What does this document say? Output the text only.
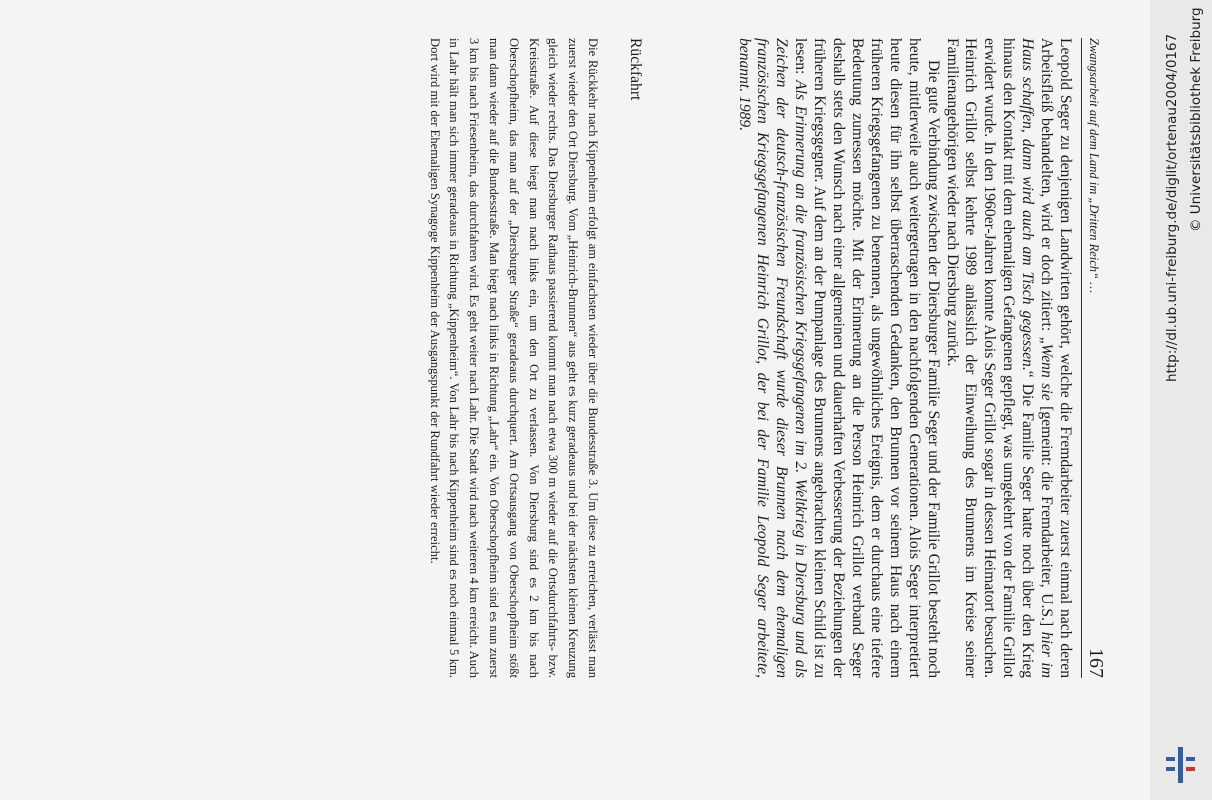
Zwangsarbeit auf dem Land im „Dritten Reich“ …
167

Leopold Seger zu denjenigen Landwirten gehört, welche die Fremdarbeiter zuerst einmal nach deren Arbeitsfleiß behandelten, wird er doch zitiert: „Wenn sie [gemeint: die Fremdarbeiter, U.S.] hier im Haus schaffen, dann wird auch am Tisch gegessen.“ Die Familie Seger hatte noch über den Krieg hinaus den Kontakt mit dem ehemaligen Gefangenen gepflegt, was umgekehrt von der Familie Grillot erwidert wurde. In den 1960er-Jahren konnte Alois Seger Grillot sogar in dessen Heimatort besuchen. Heinrich Grillot selbst kehrte 1989 anlässlich der Einweihung des Brunnens im Kreise seiner Familienangehörigen wieder nach Diersburg zurück.

Die gute Verbindung zwischen der Diersburger Familie Seger und der Familie Grillot besteht noch heute, mittlerweile auch weitergetragen in den nachfolgenden Generationen. Alois Seger interpretiert heute diesen für ihn selbst überraschenden Gedanken, den Brunnen vor seinem Haus nach einem früheren Kriegsgefangenen zu benennen, als ungewöhnliches Ereignis, dem er durchaus eine tiefere Bedeutung zumessen möchte. Mit der Erinnerung an die Person Heinrich Grillot verband Seger deshalb stets den Wunsch nach einer allgemeinen und dauerhaften Verbesserung der Beziehungen der früheren Kriegsgegner. Auf dem an der Pumpanlage des Brunnens angebrachten kleinen Schild ist zu lesen: Als Erinnerung an die französischen Kriegsgefangenen im 2. Weltkrieg in Diersburg und als Zeichen der deutsch-französischen Freundschaft wurde dieser Brunnen nach dem ehemaligen französischen Kriegsgefangenen Heinrich Grillot, der bei der Familie Leopold Seger arbeitete, benannt. 1989.

Rückfahrt

Die Rückkehr nach Kippenheim erfolgt am einfachsten wieder über die Bundesstraße 3. Um diese zu erreichen, verlässt man zuerst wieder den Ort Diersburg. Vom „Heinrich-Brunnen“ aus geht es kurz geradeaus und bei der nächsten kleinen Kreuzung gleich wieder rechts. Das Diersburger Rathaus passierend kommt man nach etwa 300 m wieder auf die Ortsdurchfahrts- bzw. Kreisstraße. Auf diese biegt man nach links ein, um den Ort zu verlassen. Von Diersburg sind es 2 km bis nach Oberschopfheim, das man auf der „Diersburger Straße“ geradeaus durchquert. Am Ortsausgang von Oberschopfheim stößt man dann wieder auf die Bundesstraße. Man biegt nach links in Richtung „Lahr“ ein. Von Oberschopfheim sind es nun zuerst 3 km bis nach Friesenheim, das durchfahren wird. Es geht weiter nach Lahr. Die Stadt wird nach weiteren 4 km erreicht. Auch in Lahr hält man sich immer geradeaus in Richtung „Kippenheim“. Von Lahr bis nach Kippenheim sind es noch einmal 5 km. Dort wird mit der Ehemaligen Synagoge Kippenheim der Ausgangspunkt der Rundfahrt wieder erreicht.	http://dl.ub.uni-freiburg.de/diglit/ortenau2004/0167 © Universitätsbibliothek Freiburg
